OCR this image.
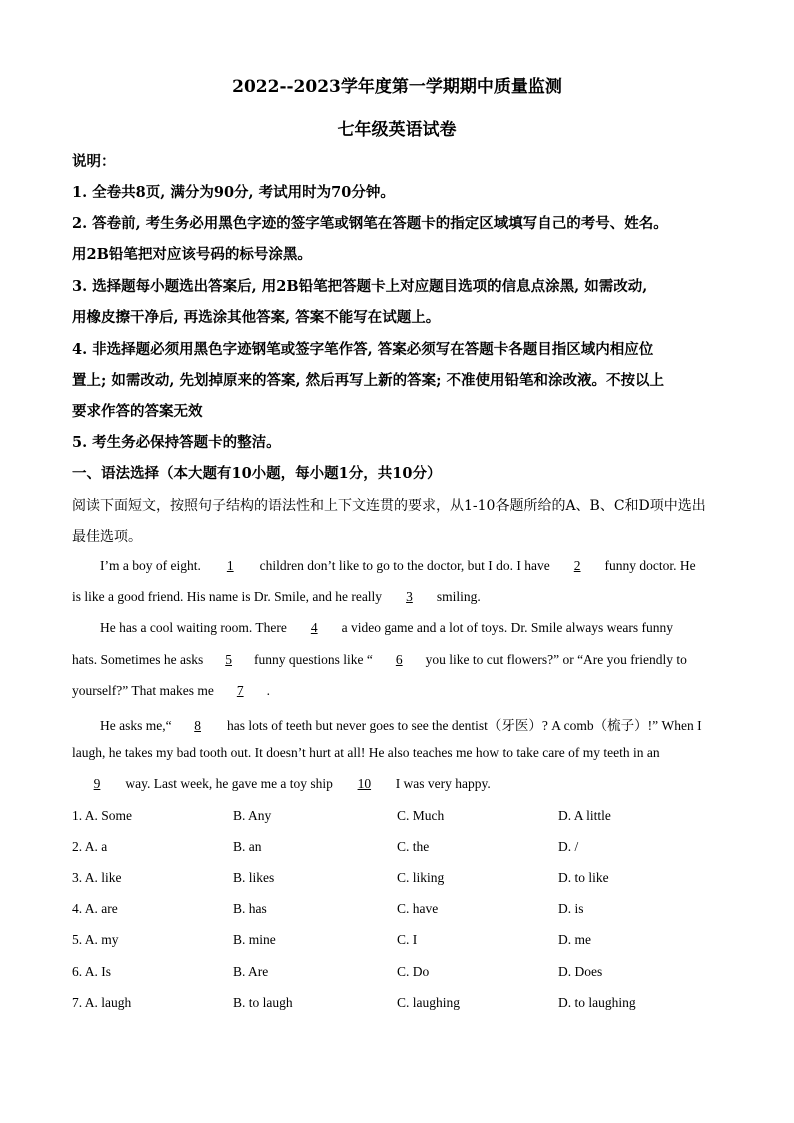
2022--2023学年度第一学期期中质量监测
七年级英语试卷
说明：
1. 全卷共8页, 满分为90分, 考试用时为70分钟。
2. 答卷前, 考生务必用黑色字迹的签字笔或钢笔在答题卡的指定区域填写自己的考号、姓名。
用2B铅笔把对应该号码的标号涂黑。
3. 选择题每小题选出答案后, 用2B铅笔把答题卡上对应题目选项的信息点涂黑, 如需改动,
用橡皮擦干净后, 再选涂其他答案, 答案不能写在试题上。
4. 非选择题必须用黑色字迹钢笔或签字笔作答, 答案必须写在答题卡各题目指区域内相应位
置上; 如需改动, 先划掉原来的答案, 然后再写上新的答案; 不准使用铅笔和涂改液。不按以上
要求作答的答案无效
5. 考生务必保持答题卡的整洁。
一、语法选择（本大题有10小题，每小题1分，共10分）
阅读下面短文，按照句子结构的语法性和上下文连贯的要求，从1-10各题所给的A、B、C和D项中选出
最佳选项。
I’m a boy of eight. 1 children don’t like to go to the doctor, but I do. I have 2 funny doctor. He
is like a good friend. His name is Dr. Smile, and he really 3 smiling.
He has a cool waiting room. There 4 a video game and a lot of toys. Dr. Smile always wears funny
hats. Sometimes he asks 5 funny questions like “ 6 you like to cut flowers?” or “Are you friendly to
yourself?” That makes me 7 .
He asks me,“ 8 has lots of teeth but never goes to see the dentist（牙医）? A comb（梳子）!” When I
laugh, he takes my bad tooth out. It doesn’t hurt at all! He also teaches me how to take care of my teeth in an
9 way. Last week, he gave me a toy ship 10 I was very happy.
1. A. Some	B. Any	C. Much	D. A little
2. A. a	B. an	C. the	D. /
3. A. like	B. likes	C. liking	D. to like
4. A. are	B. has	C. have	D. is
5. A. my	B. mine	C. I	D. me
6. A. Is	B. Are	C. Do	D. Does
7. A. laugh	B. to laugh	C. laughing	D. to laughing
